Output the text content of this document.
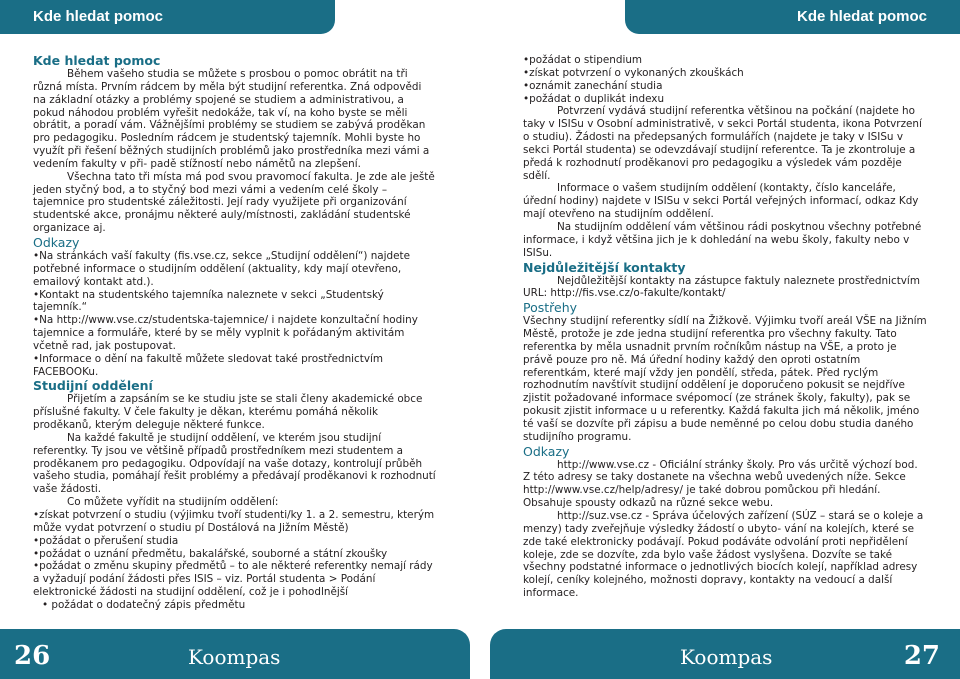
Kde hledat pomoc	Kde hledat pomoc

Kde hledat pomoc

Během vašeho studia se můžete s prosbou o pomoc obrátit na tři různá místa. Prvním rádcem by měla být studijní referentka. Zná odpovědi na základní otázky a problémy spojené se studiem a administrativou, a pokud náhodou problém vyřešit nedokáže, tak ví, na koho byste se měli obrátit, a poradí vám. Vážnějšími problémy se studiem se zabývá proděkan pro pedagogiku. Posledním rádcem je studentský tajemník. Mohli byste ho využít při řešení běžných studijních problémů jako prostředníka mezi vámi a vedením fakulty v při- padě stížností nebo námětů na zlepšení.

Všechna tato tři místa má pod svou pravomocí fakulta. Je zde ale ještě jeden styčný bod, a to styčný bod mezi vámi a vedením celé školy – tajemnice pro studentské záležitosti. Její rady využijete při organizování studentské akce, pronájmu některé auly/místnosti, zakládání studentské organizace aj.

Odkazy

•Na stránkách vaší fakulty (fis.vse.cz, sekce „Studijní oddělení“) najdete potřebné informace o studijním oddělení (aktuality, kdy mají otevřeno, emailový kontakt atd.).

•Kontakt na studentského tajemníka naleznete v sekci „Studentský tajemník.“

•Na http://www.vse.cz/studentska-tajemnice/ i najdete konzultační hodiny tajemnice a formuláře, které by se měly vyplnit k pořádaným aktivitám včetně rad, jak postupovat.

•Informace o dění na fakultě můžete sledovat také prostřednictvím FACEBOOKu.

Studijní oddělení

Přijetím a zapsáním se ke studiu jste se stali členy akademické obce příslušné fakulty. V čele fakulty je děkan, kterému pomáhá několik proděkanů, kterým deleguje některé funkce.

Na každé fakultě je studijní oddělení, ve kterém jsou studijní referentky. Ty jsou ve většině případů prostředníkem mezi studentem a proděkanem pro pedagogiku. Odpovídají na vaše dotazy, kontrolují průběh vašeho studia, pomáhají řešit problémy a předávají proděkanovi k rozhodnutí vaše žádosti.

Co můžete vyřídit na studijním oddělení:

•získat potvrzení o studiu (výjimku tvoří studenti/ky 1. a 2. semestru, kterým může vydat potvrzení o studiu pí Dostálová na Jižním Městě)

•požádat o přerušení studia

•požádat o uznání předmětu, bakalářské, souborné a státní zkoušky

•požádat o změnu skupiny předmětů – to ale některé referentky nemají rády a vyžadují podání žádosti přes ISIS – viz. Portál studenta > Podání elektronické žádosti na studijní oddělení, což je i pohodlnější

• požádat o dodatečný zápis předmětu

•požádat o stipendium

•získat potvrzení o vykonaných zkouškách

•oznámit zanechání studia

•požádat o duplikát indexu

Potvrzení vydává studijní referentka většinou na počkání (najdete ho taky v ISISu v Osobní administrativě, v sekci Portál studenta, ikona Potvrzení o studiu). Žádosti na předepsaných formulářích (najdete je taky v ISISu v sekci Portál studenta) se odevzdávají studijní referentce. Ta je zkontroluje a předá k rozhodnutí proděkanovi pro pedagogiku a výsledek vám pozděje sdělí.

Informace o vašem studijním oddělení (kontakty, číslo kanceláře, úřední hodiny) najdete v ISISu v sekci Portál veřejných informací, odkaz Kdy mají otevřeno na studijním oddělení.

Na studijním oddělení vám většinou rádi poskytnou všechny potřebné informace, i když většina jich je k dohledání na webu školy, fakulty nebo v ISISu.

Nejdůležitější kontakty

Nejdůležitější kontakty na zástupce faktuly naleznete prostřednictvím URL: http://fis.vse.cz/o-fakulte/kontakt/

Postřehy

Všechny studijní referentky sídlí na Žižkově. Výjimku tvoří areál VŠE na Jižním Městě, protože je zde jedna studijní referentka pro všechny fakulty. Tato referentka by měla usnadnit prvním ročníkům nástup na VŠE, a proto je právě pouze pro ně. Má úřední hodiny každý den oproti ostatním referentkám, které mají vždy jen pondělí, středa, pátek. Před ryclým rozhodnutím navštívit studijní oddělení je doporučeno pokusit se nejdříve zjistit požadované informace svépomocí (ze stránek školy, fakulty), pak se pokusit zjistit informace u u referentky. Každá fakulta jich má několik, jméno té vaší se dozvíte při zápisu a bude neměnné po celou dobu studia daného studijního programu.

Odkazy

http://www.vse.cz - Oficiální stránky školy. Pro vás určitě výchozí bod. Z této adresy se taky dostanete na všechna webů uvedených níže. Sekce http://www.vse.cz/help/adresy/ je také dobrou pomůckou při hledání. Obsahuje spousty odkazů na různé sekce webu.

http://suz.vse.cz - Správa účelových zařízení (SÚZ – stará se o koleje a menzy) tady zveřejňuje výsledky žádostí o ubyto- vání na kolejích, které se zde také elektronicky podávají. Pokud podáváte odvolání proti nepřidělení koleje, zde se dozvíte, zda bylo vaše žádost vyslyšena. Dozvíte se také všechny podstatné informace o jednotlivých biocích kolejí, například adresy kolejí, ceníky kolejného, možnosti dopravy, kontakty na vedoucí a další informace.

26	Koompas	Koompas	27
